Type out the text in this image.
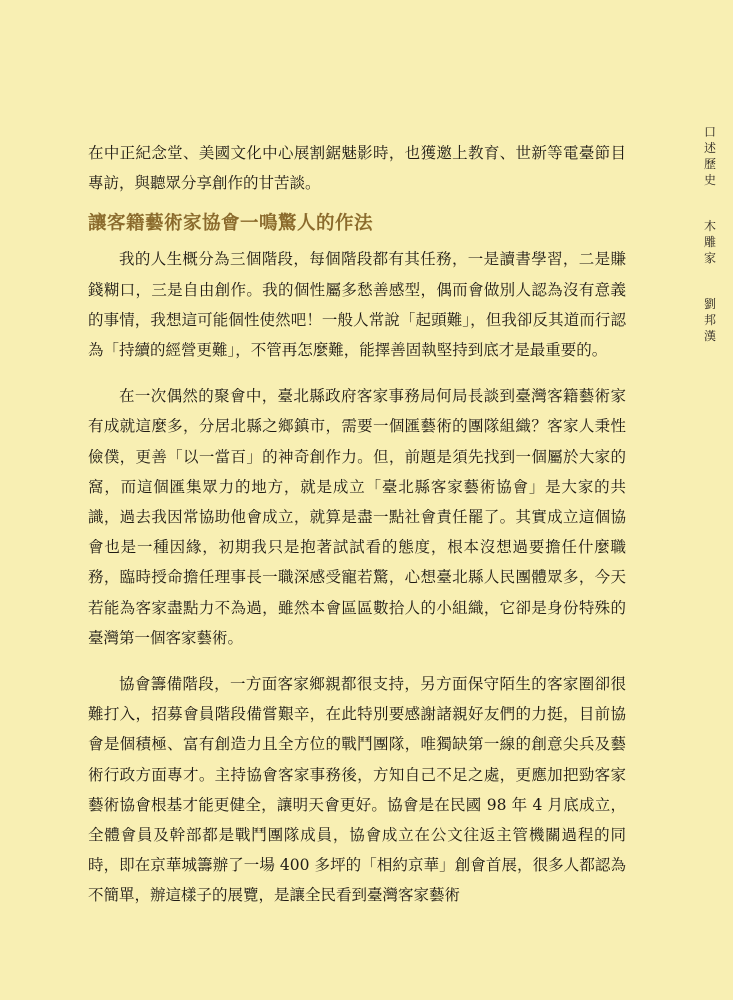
口述歷史
木雕家
劉邦漢

在中正紀念堂、美國文化中心展割鋸魅影時，也獲邀上教育、世新等電臺節目專訪，與聽眾分享創作的甘苦談。

讓客籍藝術家協會一鳴驚人的作法

我的人生概分為三個階段，每個階段都有其任務，一是讀書學習，二是賺錢糊口，三是自由創作。我的個性屬多愁善感型，偶而會做別人認為沒有意義的事情，我想這可能個性使然吧！一般人常說「起頭難」，但我卻反其道而行認為「持續的經營更難」，不管再怎麼難，能擇善固執堅持到底才是最重要的。

在一次偶然的聚會中，臺北縣政府客家事務局何局長談到臺灣客籍藝術家有成就這麼多，分居北縣之鄉鎮市，需要一個匯藝術的團隊組織？客家人秉性儉僕，更善「以一當百」的神奇創作力。但，前題是須先找到一個屬於大家的窩，而這個匯集眾力的地方，就是成立「臺北縣客家藝術協會」是大家的共識，過去我因常協助他會成立，就算是盡一點社會責任罷了。其實成立這個協會也是一種因緣，初期我只是抱著試試看的態度，根本沒想過要擔任什麼職務，臨時授命擔任理事長一職深感受寵若驚，心想臺北縣人民團體眾多，今天若能為客家盡點力不為過，雖然本會區區數拾人的小組織，它卻是身份特殊的臺灣第一個客家藝術。

協會籌備階段，一方面客家鄉親都很支持，另方面保守陌生的客家圈卻很難打入，招募會員階段備嘗艱辛，在此特別要感謝諸親好友們的力挺，目前協會是個積極、富有創造力且全方位的戰鬥團隊，唯獨缺第一線的創意尖兵及藝術行政方面專才。主持協會客家事務後，方知自己不足之處，更應加把勁客家藝術協會根基才能更健全，讓明天會更好。協會是在民國 98 年 4 月底成立，全體會員及幹部都是戰鬥團隊成員，協會成立在公文往返主管機關過程的同時，即在京華城籌辦了一場 400 多坪的「相約京華」創會首展，很多人都認為不簡單，辦這樣子的展覽，是讓全民看到臺灣客家藝術
